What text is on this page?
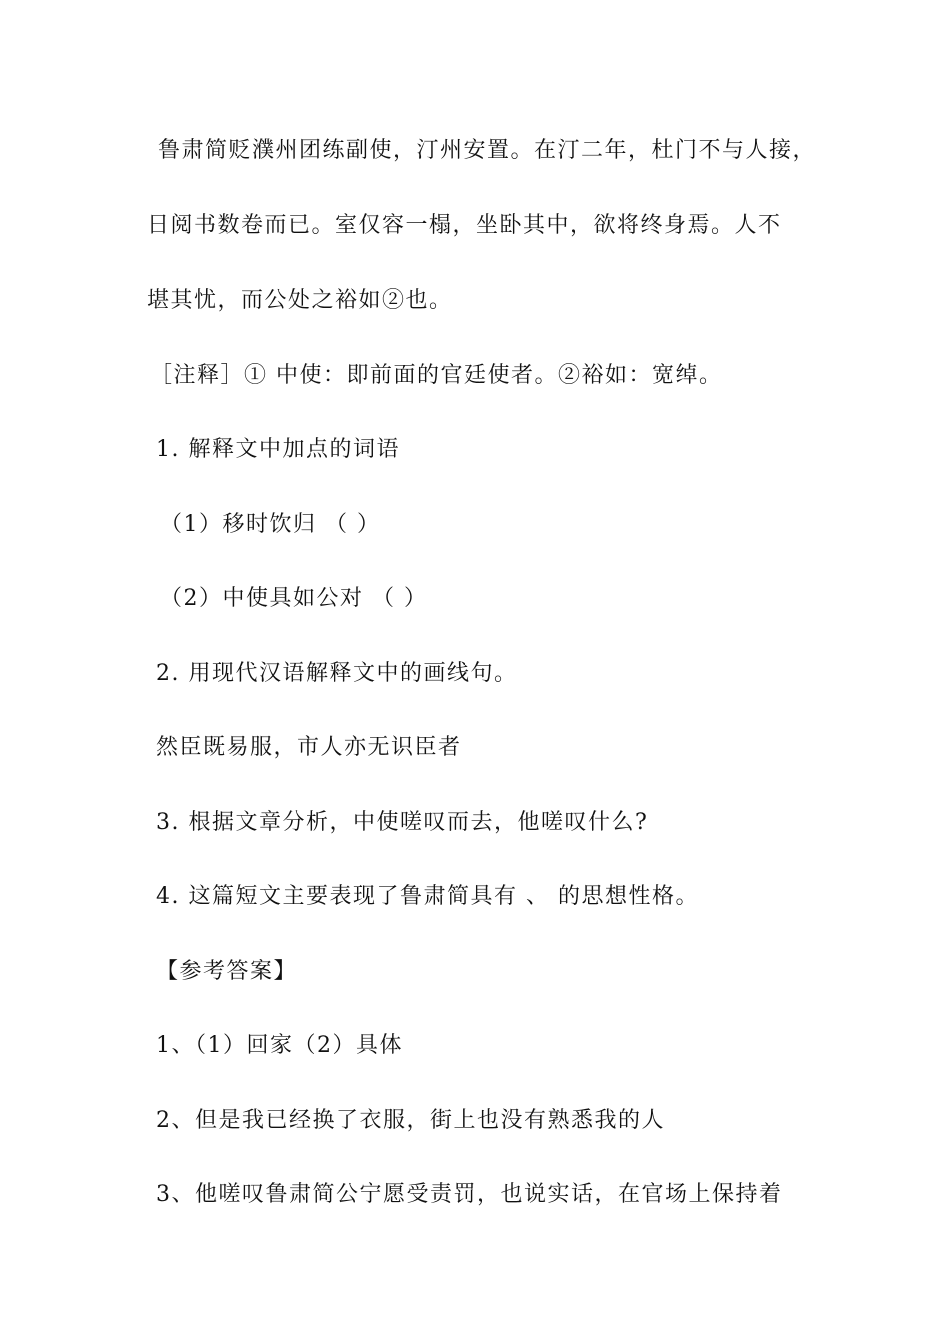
鲁肃简贬濮州团练副使，汀州安置。在汀二年，杜门不与人接，
日阅书数卷而已。室仅容一榻，坐卧其中，欲将终身焉。人不
堪其忧，而公处之裕如②也。
［注释］① 中使：即前面的官廷使者。②裕如：宽绰。
1. 解释文中加点的词语
（1）移时饮归 （ ）
（2）中使具如公对 （ ）
2. 用现代汉语解释文中的画线句。
然臣既易服，市人亦无识臣者
3. 根据文章分析，中使嗟叹而去，他嗟叹什么?
4. 这篇短文主要表现了鲁肃简具有 、 的思想性格。
【参考答案】
1、（1）回家（2）具体
2、但是我已经换了衣服，街上也没有熟悉我的人
3、他嗟叹鲁肃简公宁愿受责罚，也说实话，在官场上保持着
